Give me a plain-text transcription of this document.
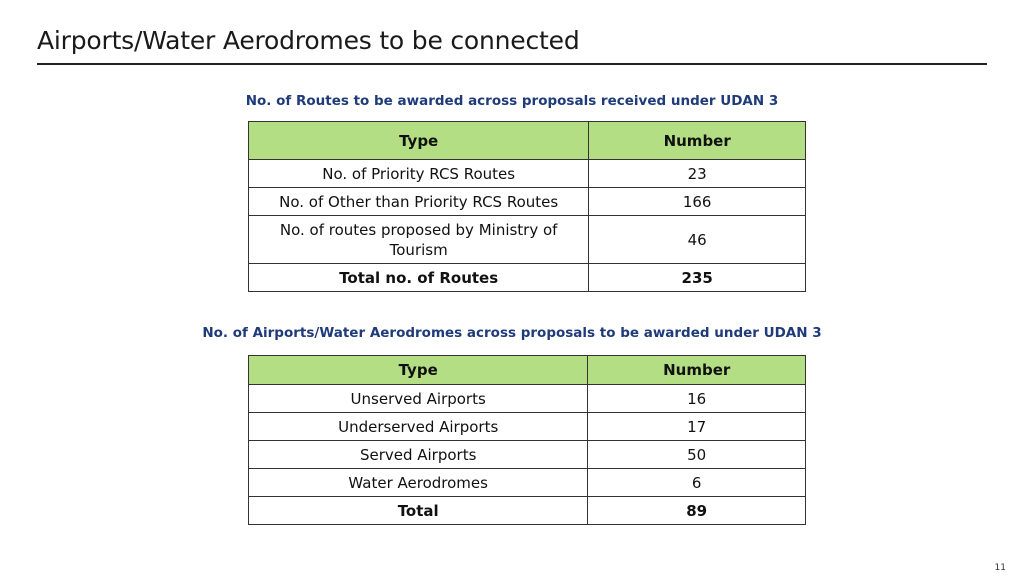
Airports/Water Aerodromes to be connected
No. of Routes to be awarded across proposals received under UDAN 3
Type	Number
No. of Priority RCS Routes	23
No. of Other than Priority RCS Routes	166
No. of routes proposed by Ministry of Tourism	46
Total no. of Routes	235
No. of Airports/Water Aerodromes across proposals to be awarded under UDAN 3
Type	Number
Unserved Airports	16
Underserved Airports	17
Served Airports	50
Water Aerodromes	6
Total	89
11
